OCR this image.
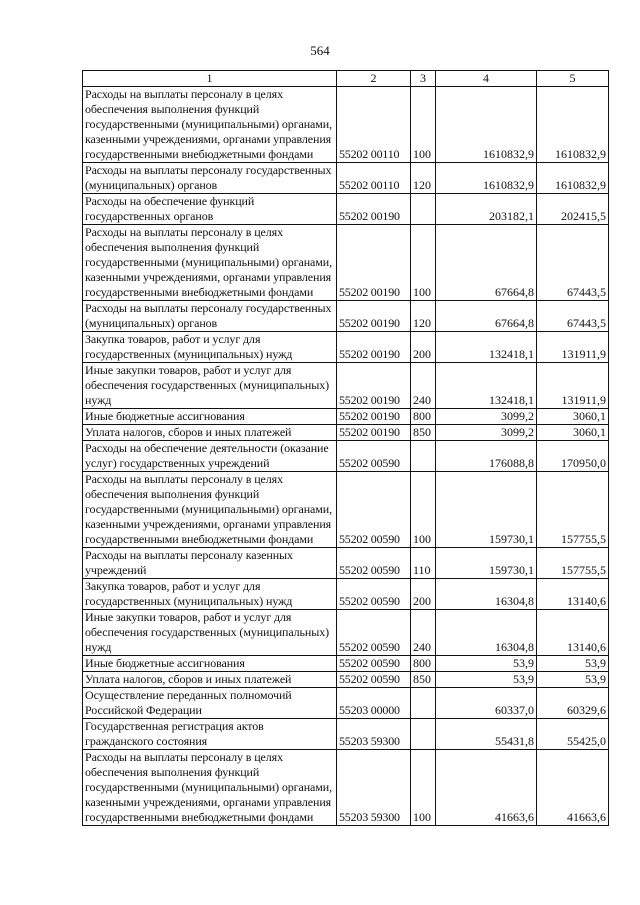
564
1	2	3	4	5
Расходы на выплаты персоналу в целях обеспечения выполнения функций государственными (муниципальными) органами, казенными учреждениями, органами управления государственными внебюджетными фондами	55202 00110	100	1610832,9	1610832,9
Расходы на выплаты персоналу государственных (муниципальных) органов	55202 00110	120	1610832,9	1610832,9
Расходы на обеспечение функций государственных органов	55202 00190		203182,1	202415,5
Расходы на выплаты персоналу в целях обеспечения выполнения функций государственными (муниципальными) органами, казенными учреждениями, органами управления государственными внебюджетными фондами	55202 00190	100	67664,8	67443,5
Расходы на выплаты персоналу государственных (муниципальных) органов	55202 00190	120	67664,8	67443,5
Закупка товаров, работ и услуг для государственных (муниципальных) нужд	55202 00190	200	132418,1	131911,9
Иные закупки товаров, работ и услуг для обеспечения государственных (муниципальных) нужд	55202 00190	240	132418,1	131911,9
Иные бюджетные ассигнования	55202 00190	800	3099,2	3060,1
Уплата налогов, сборов и иных платежей	55202 00190	850	3099,2	3060,1
Расходы на обеспечение деятельности (оказание услуг) государственных учреждений	55202 00590		176088,8	170950,0
Расходы на выплаты персоналу в целях обеспечения выполнения функций государственными (муниципальными) органами, казенными учреждениями, органами управления государственными внебюджетными фондами	55202 00590	100	159730,1	157755,5
Расходы на выплаты персоналу казенных учреждений	55202 00590	110	159730,1	157755,5
Закупка товаров, работ и услуг для государственных (муниципальных) нужд	55202 00590	200	16304,8	13140,6
Иные закупки товаров, работ и услуг для обеспечения государственных (муниципальных) нужд	55202 00590	240	16304,8	13140,6
Иные бюджетные ассигнования	55202 00590	800	53,9	53,9
Уплата налогов, сборов и иных платежей	55202 00590	850	53,9	53,9
Осуществление переданных полномочий Российской Федерации	55203 00000		60337,0	60329,6
Государственная регистрация актов гражданского состояния	55203 59300		55431,8	55425,0
Расходы на выплаты персоналу в целях обеспечения выполнения функций государственными (муниципальными) органами, казенными учреждениями, органами управления государственными внебюджетными фондами	55203 59300	100	41663,6	41663,6
